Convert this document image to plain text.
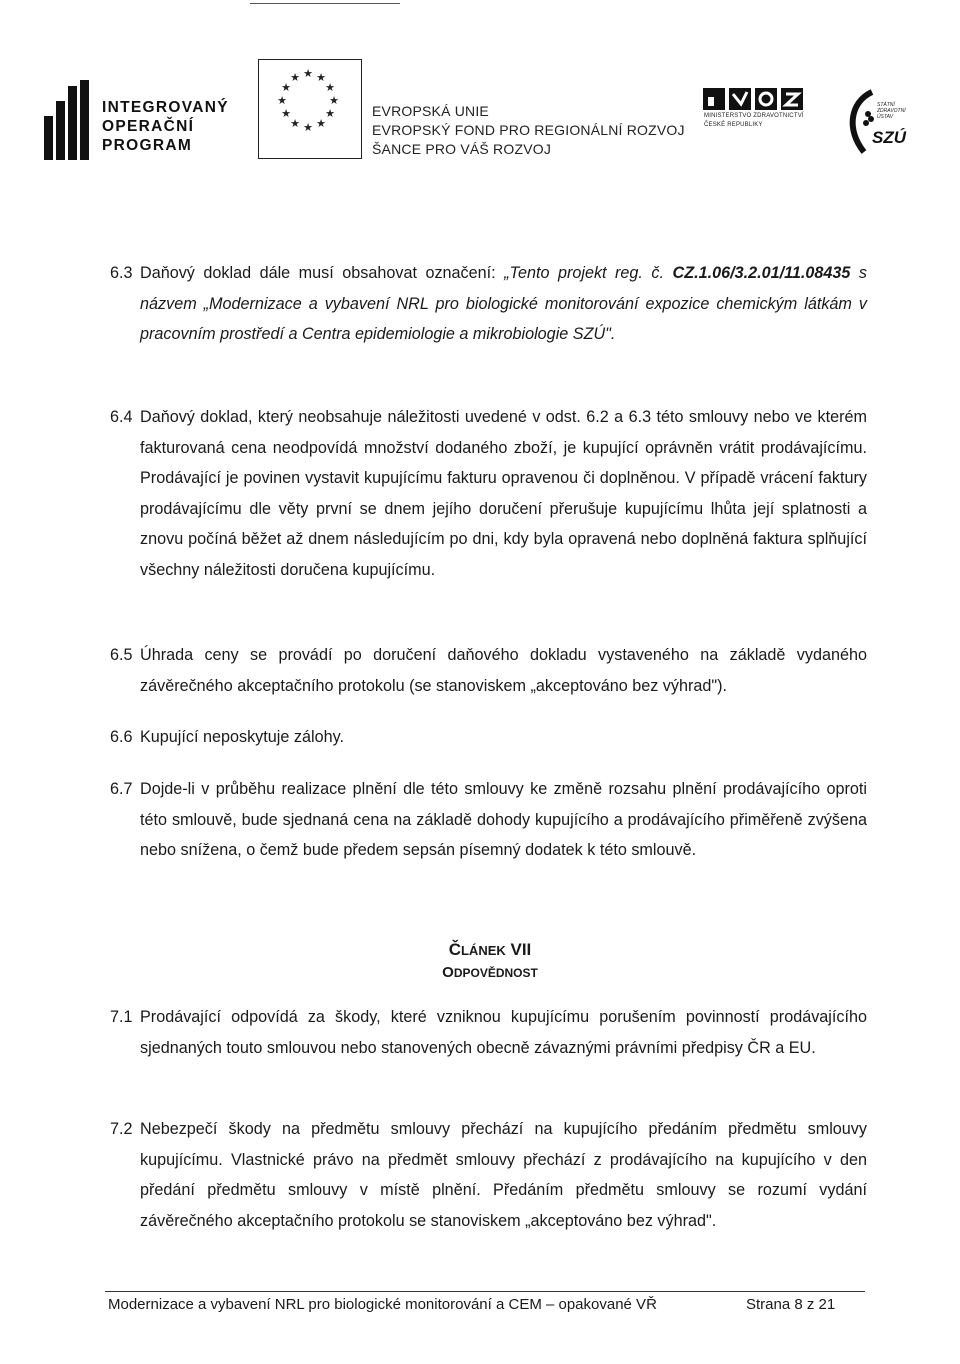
INTEGROVANÝ
OPERAČNÍ
PROGRAM
★ ★
★
★
★
★
★
★
★
★
★
★
EVROPSKÁ UNIE
EVROPSKÝ FOND PRO REGIONÁLNÍ ROZVOJ
ŠANCE PRO VÁŠ ROZVOJ
MINISTERSTVO ZDRAVOTNICTVÍ
ČESKÉ REPUBLIKY
STÁTNÍ
ZDRAVOTNÍ
ÚSTAV
SZÚ
6.3 Daňový doklad dále musí obsahovat označení: „Tento projekt reg. č. CZ.1.06/3.2.01/11.08435 s názvem „Modernizace a vybavení NRL pro biologické monitorování expozice chemickým látkám v pracovním prostředí a Centra epidemiologie a mikrobiologie SZÚ".
6.4 Daňový doklad, který neobsahuje náležitosti uvedené v odst. 6.2 a 6.3 této smlouvy nebo ve kterém fakturovaná cena neodpovídá množství dodaného zboží, je kupující oprávněn vrátit prodávajícímu. Prodávající je povinen vystavit kupujícímu fakturu opravenou či doplněnou. V případě vrácení faktury prodávajícímu dle věty první se dnem jejího doručení přerušuje kupujícímu lhůta její splatnosti a znovu počíná běžet až dnem následujícím po dni, kdy byla opravená nebo doplněná faktura splňující všechny náležitosti doručena kupujícímu.
6.5 Úhrada ceny se provádí po doručení daňového dokladu vystaveného na základě vydaného závěrečného akceptačního protokolu (se stanoviskem „akceptováno bez výhrad").
6.6 Kupující neposkytuje zálohy.
6.7 Dojde-li v průběhu realizace plnění dle této smlouvy ke změně rozsahu plnění prodávajícího oproti této smlouvě, bude sjednaná cena na základě dohody kupujícího a prodávajícího přiměřeně zvýšena nebo snížena, o čemž bude předem sepsán písemný dodatek k této smlouvě.
ČLÁNEK VII
ODPOVĚDNOST
7.1 Prodávající odpovídá za škody, které vzniknou kupujícímu porušením povinností prodávajícího sjednaných touto smlouvou nebo stanovených obecně závaznými právními předpisy ČR a EU.
7.2 Nebezpečí škody na předmětu smlouvy přechází na kupujícího předáním předmětu smlouvy kupujícímu. Vlastnické právo na předmět smlouvy přechází z prodávajícího na kupujícího v den předání předmětu smlouvy v místě plnění. Předáním předmětu smlouvy se rozumí vydání závěrečného akceptačního protokolu se stanoviskem „akceptováno bez výhrad".
Modernizace a vybavení NRL pro biologické monitorování a CEM – opakované VŘ	Strana 8 z 21
